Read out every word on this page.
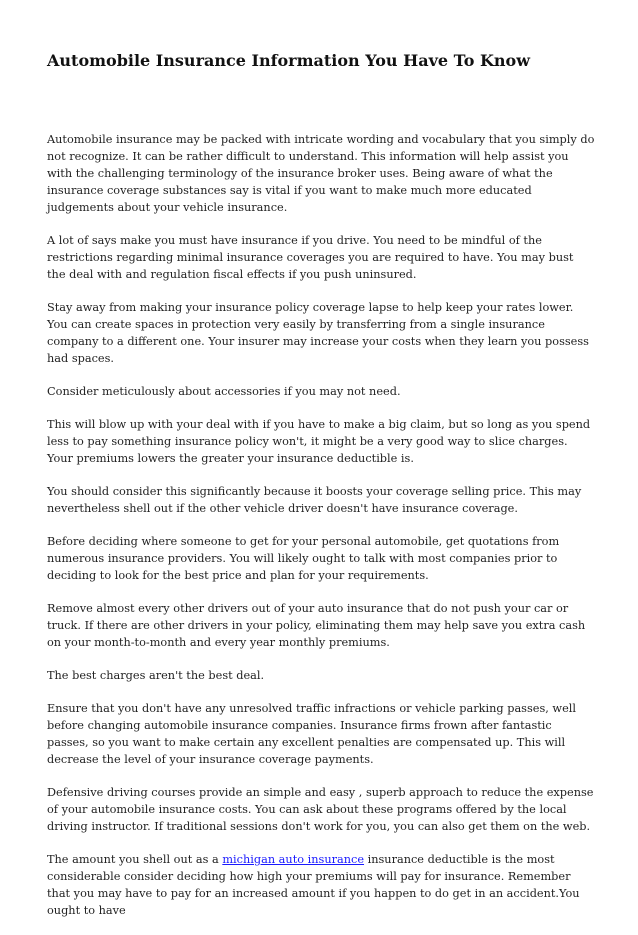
Automobile Insurance Information You Have To Know

Automobile insurance may be packed with intricate wording and vocabulary that you simply do not recognize. It can be rather difficult to understand. This information will help assist you with the challenging terminology of the insurance broker uses. Being aware of what the insurance coverage substances say is vital if you want to make much more educated judgements about your vehicle insurance.

A lot of says make you must have insurance if you drive. You need to be mindful of the restrictions regarding minimal insurance coverages you are required to have. You may bust the deal with and regulation fiscal effects if you push uninsured.

Stay away from making your insurance policy coverage lapse to help keep your rates lower. You can create spaces in protection very easily by transferring from a single insurance company to a different one. Your insurer may increase your costs when they learn you possess had spaces.

Consider meticulously about accessories if you may not need.

This will blow up with your deal with if you have to make a big claim, but so long as you spend less to pay something insurance policy won't, it might be a very good way to slice charges. Your premiums lowers the greater your insurance deductible is.

You should consider this significantly because it boosts your coverage selling price. This may nevertheless shell out if the other vehicle driver doesn't have insurance coverage.

Before deciding where someone to get for your personal automobile, get quotations from numerous insurance providers. You will likely ought to talk with most companies prior to deciding to look for the best price and plan for your requirements.

Remove almost every other drivers out of your auto insurance that do not push your car or truck. If there are other drivers in your policy, eliminating them may help save you extra cash on your month-to-month and every year monthly premiums.

The best charges aren't the best deal.

Ensure that you don't have any unresolved traffic infractions or vehicle parking passes, well before changing automobile insurance companies. Insurance firms frown after fantastic passes, so you want to make certain any excellent penalties are compensated up. This will decrease the level of your insurance coverage payments.

Defensive driving courses provide an simple and easy , superb approach to reduce the expense of your automobile insurance costs. You can ask about these programs offered by the local driving instructor. If traditional sessions don't work for you, you can also get them on the web.

The amount you shell out as a michigan auto insurance insurance deductible is the most considerable consider deciding how high your premiums will pay for insurance. Remember that you may have to pay for an increased amount if you happen to do get in an accident.You ought to have
